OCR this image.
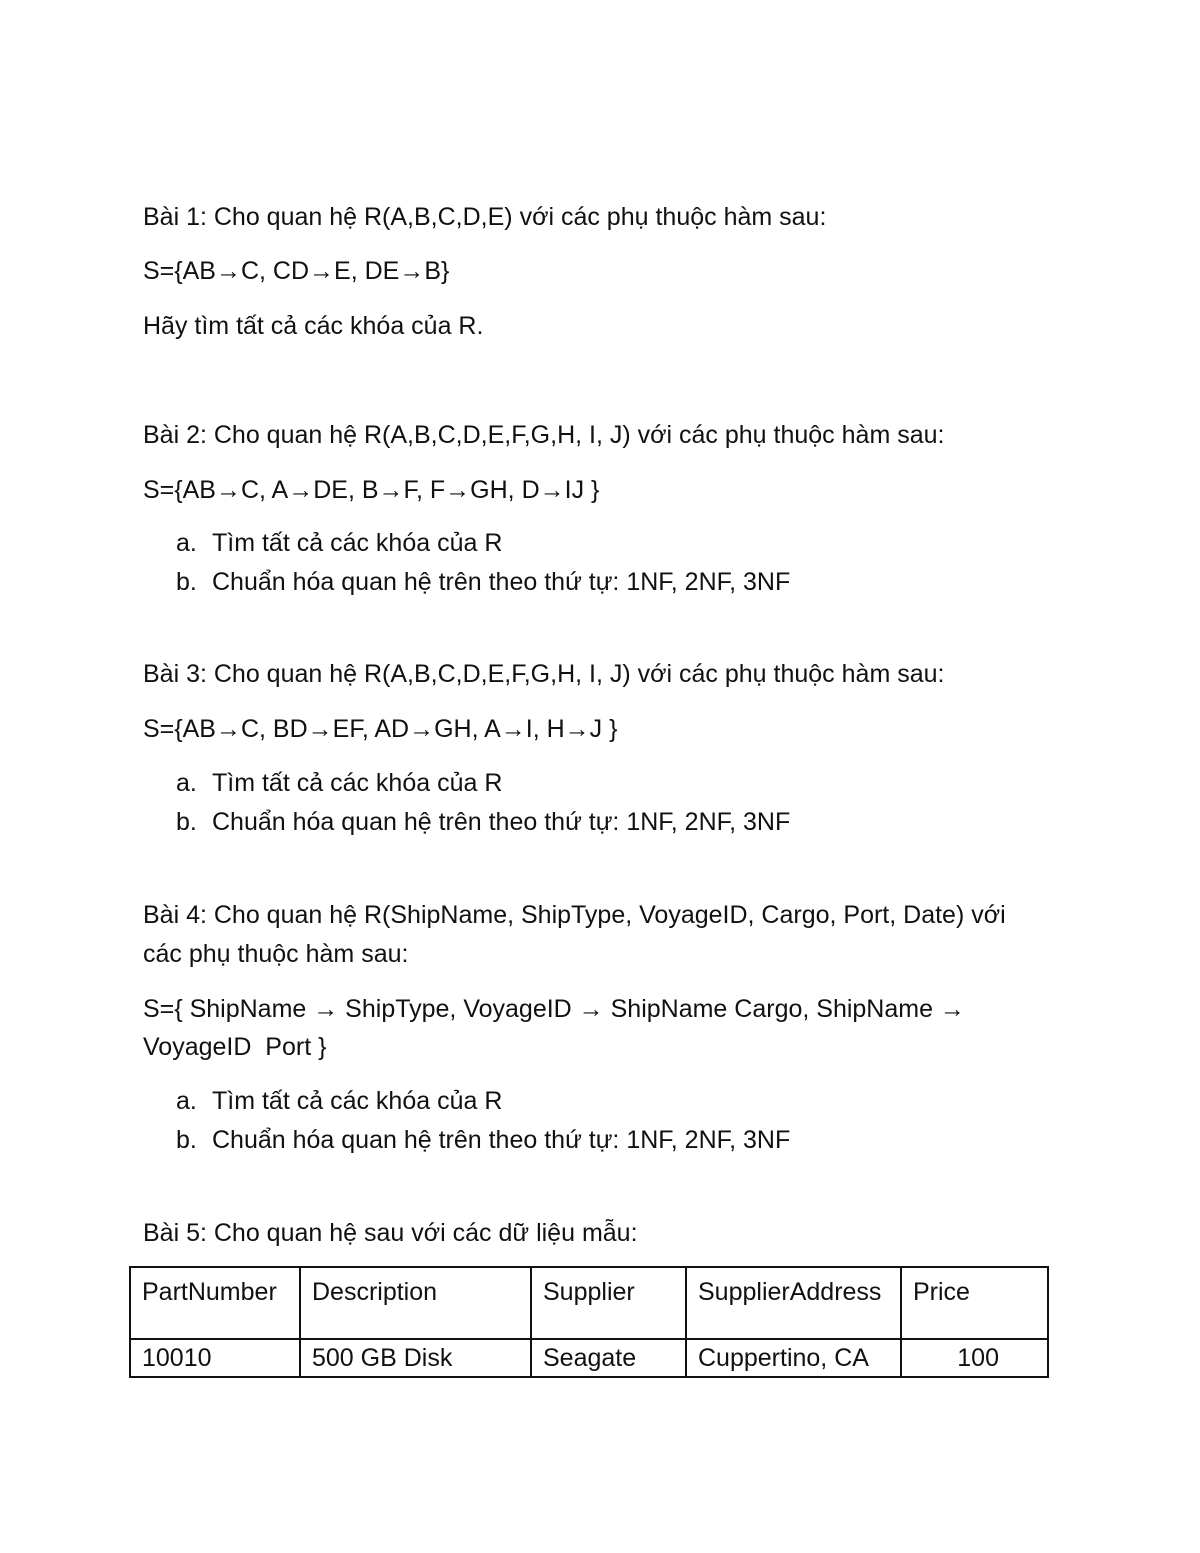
Bài 1: Cho quan hệ R(A,B,C,D,E) với các phụ thuộc hàm sau:
S={AB→C, CD→E, DE→B}
Hãy tìm tất cả các khóa của R.
Bài 2: Cho quan hệ R(A,B,C,D,E,F,G,H, I, J) với các phụ thuộc hàm sau:
S={AB→C, A→DE, B→F, F→GH, D→IJ }
a. Tìm tất cả các khóa của R
b. Chuẩn hóa quan hệ trên theo thứ tự: 1NF, 2NF, 3NF
Bài 3: Cho quan hệ R(A,B,C,D,E,F,G,H, I, J) với các phụ thuộc hàm sau:
S={AB→C, BD→EF, AD→GH, A→I, H→J }
a. Tìm tất cả các khóa của R
b. Chuẩn hóa quan hệ trên theo thứ tự: 1NF, 2NF, 3NF
Bài 4: Cho quan hệ R(ShipName, ShipType, VoyageID, Cargo, Port, Date) với
các phụ thuộc hàm sau:
S={ ShipName → ShipType, VoyageID → ShipName Cargo, ShipName →
VoyageID  Port }
a. Tìm tất cả các khóa của R
b. Chuẩn hóa quan hệ trên theo thứ tự: 1NF, 2NF, 3NF
Bài 5: Cho quan hệ sau với các dữ liệu mẫu:
PartNumber	Description	Supplier	SupplierAddress	Price
10010	500 GB Disk	Seagate	Cuppertino, CA	100
